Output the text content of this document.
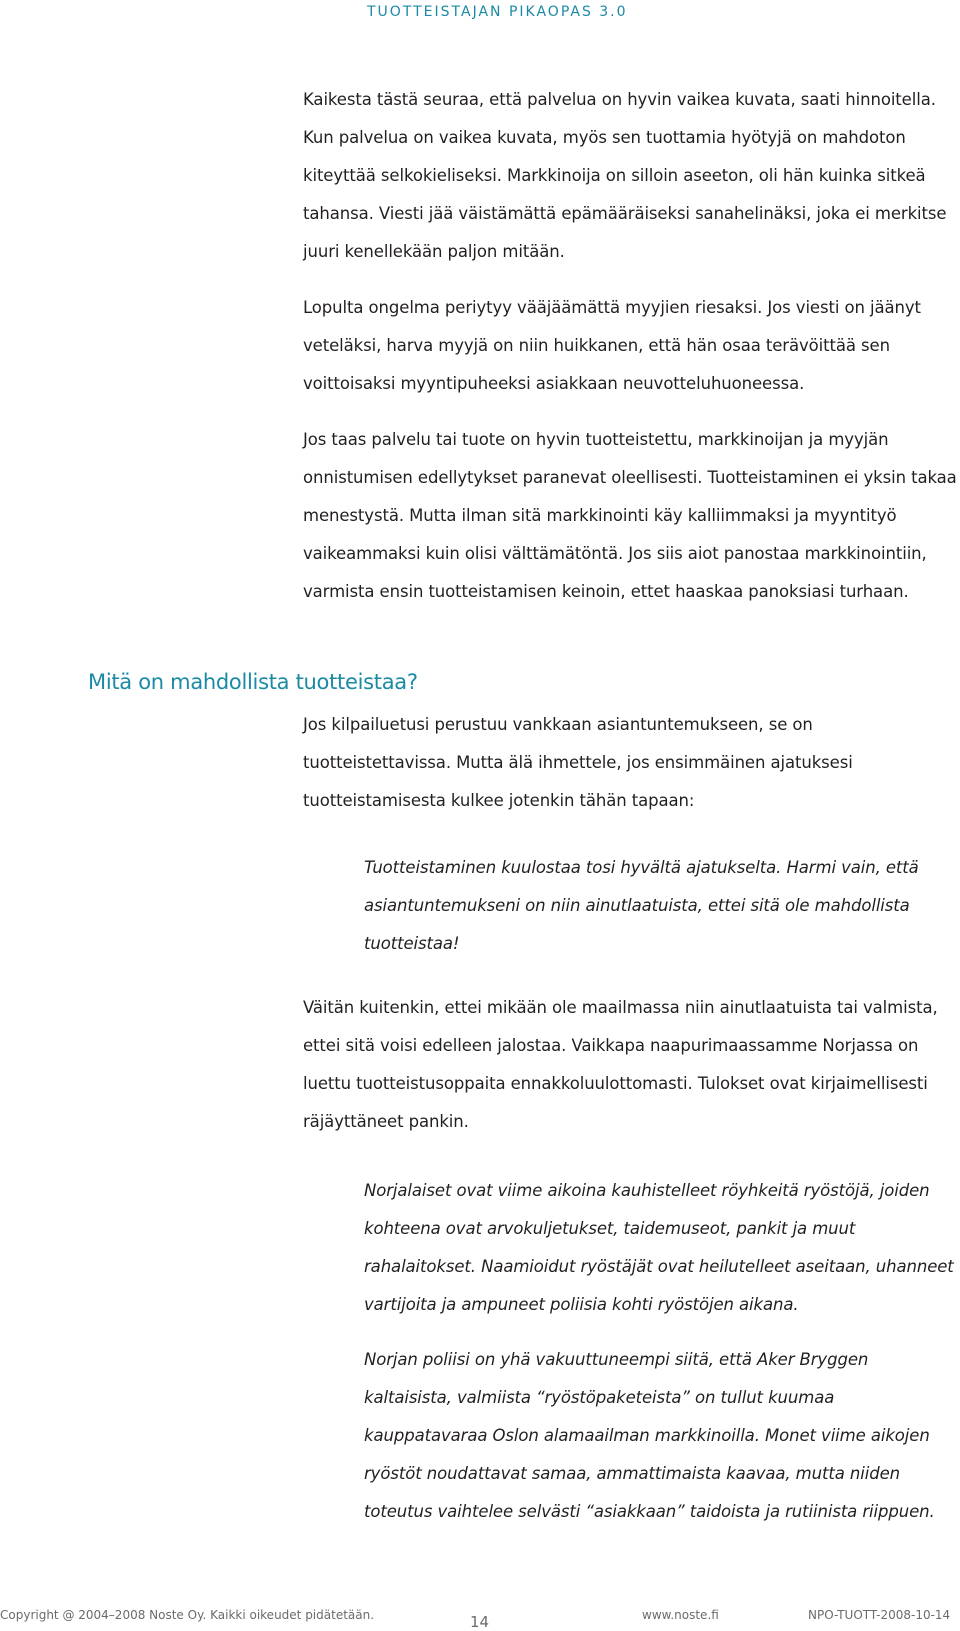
TUOTTEISTAJAN PIKAOPAS 3.0

Kaikesta tästä seuraa, että palvelua on hyvin vaikea kuvata, saati hinnoitella. Kun palvelua on vaikea kuvata, myös sen tuottamia hyötyjä on mahdoton kiteyttää selkokieliseksi. Markkinoija on silloin aseeton, oli hän kuinka sitkeä tahansa. Viesti jää väistämättä epämääräiseksi sanahelinäksi, joka ei merkitse juuri kenellekään paljon mitään.

Lopulta ongelma periytyy vääjäämättä myyjien riesaksi. Jos viesti on jäänyt veteläksi, harva myyjä on niin huikkanen, että hän osaa terävöittää sen voittoisaksi myyntipuheeksi asiakkaan neuvotteluhuoneessa.

Jos taas palvelu tai tuote on hyvin tuotteistettu, markkinoijan ja myyjän onnistumisen edellytykset paranevat oleellisesti. Tuotteistaminen ei yksin takaa menestystä. Mutta ilman sitä markkinointi käy kalliimmaksi ja myyntityö vaikeammaksi kuin olisi välttämätöntä. Jos siis aiot panostaa markkinointiin, varmista ensin tuotteistamisen keinoin, ettet haaskaa panoksiasi turhaan.

Mitä on mahdollista tuotteistaa?

Jos kilpailuetusi perustuu vankkaan asiantuntemukseen, se on tuotteistettavissa. Mutta älä ihmettele, jos ensimmäinen ajatuksesi tuotteistamisesta kulkee jotenkin tähän tapaan:

Tuotteistaminen kuulostaa tosi hyvältä ajatukselta. Harmi vain, että asiantuntemukseni on niin ainutlaatuista, ettei sitä ole mahdollista tuotteistaa!

Väitän kuitenkin, ettei mikään ole maailmassa niin ainutlaatuista tai valmista, ettei sitä voisi edelleen jalostaa. Vaikkapa naapurimaassamme Norjassa on luettu tuotteistusoppaita ennakkoluulottomasti. Tulokset ovat kirjaimellisesti räjäyttäneet pankin.

Norjalaiset ovat viime aikoina kauhistelleet röyhkeitä ryöstöjä, joiden kohteena ovat arvokuljetukset, taidemuseot, pankit ja muut rahalaitokset. Naamioidut ryöstäjät ovat heilutelleet aseitaan, uhanneet vartijoita ja ampuneet poliisia kohti ryöstöjen aikana.

Norjan poliisi on yhä vakuuttuneempi siitä, että Aker Bryggen kaltaisista, valmiista “ryöstöpaketeista” on tullut kuumaa kauppatavaraa Oslon alamaailman markkinoilla. Monet viime aikojen ryöstöt noudattavat samaa, ammattimaista kaavaa, mutta niiden toteutus vaihtelee selvästi “asiakkaan” taidoista ja rutiinista riippuen.

Copyright @ 2004–2008 Noste Oy. Kaikki oikeudet pidätetään.	14	www.noste.fi	NPO-TUOTT-2008-10-14
